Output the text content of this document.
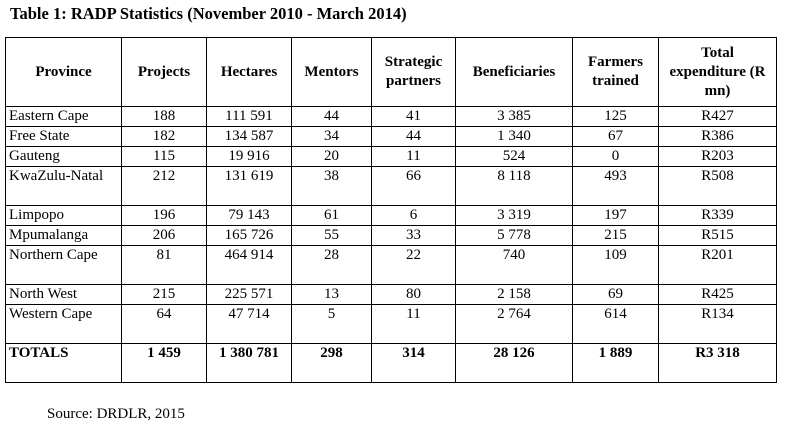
Table 1: RADP Statistics (November 2010 - March 2014)
Province	Projects	Hectares	Mentors	Strategic partners	Beneficiaries	Farmers trained	Total expenditure (R mn)
Eastern Cape	188	111 591	44	41	3 385	125	R427
Free State	182	134 587	34	44	1 340	67	R386
Gauteng	115	19 916	20	11	524	0	R203
KwaZulu-Natal	212	131 619	38	66	8 118	493	R508
Limpopo	196	79 143	61	6	3 319	197	R339
Mpumalanga	206	165 726	55	33	5 778	215	R515
Northern Cape	81	464 914	28	22	740	109	R201
North West	215	225 571	13	80	2 158	69	R425
Western Cape	64	47 714	5	11	2 764	614	R134
TOTALS	1 459	1 380 781	298	314	28 126	1 889	R3 318
Source: DRDLR, 2015
